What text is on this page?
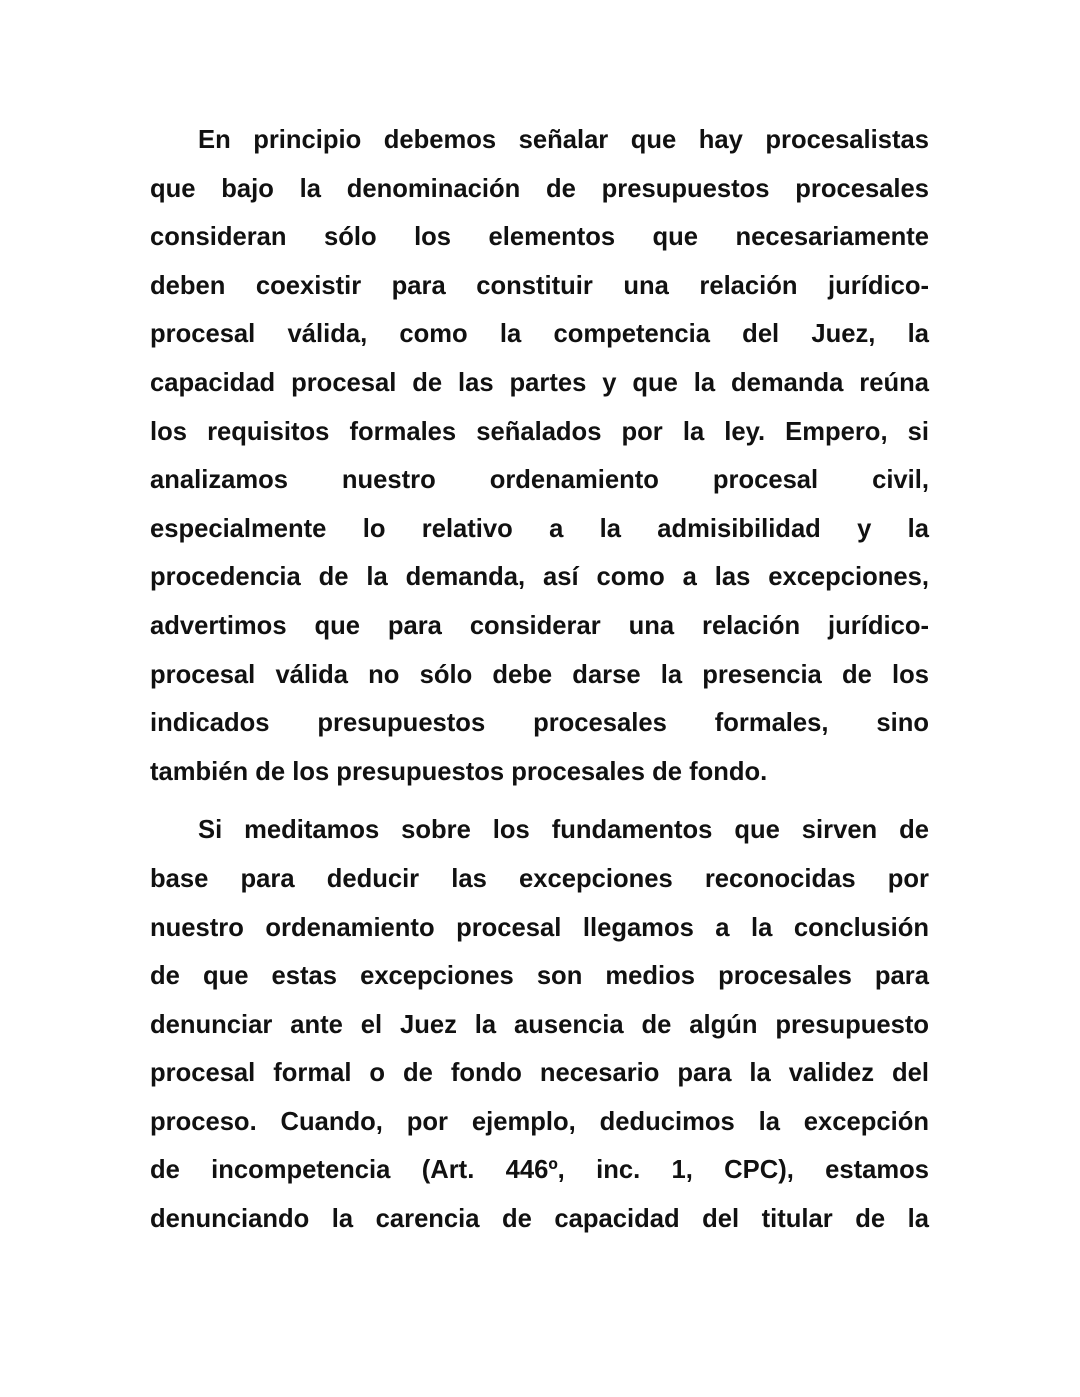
En principio debemos señalar que hay procesalistas
que bajo la denominación de presupuestos procesales
consideran sólo los elementos que necesariamente
deben coexistir para constituir una relación jurídico-
procesal válida, como la competencia del Juez, la
capacidad procesal de las partes y que la demanda reúna
los requisitos formales señalados por la ley. Empero, si
analizamos nuestro ordenamiento procesal civil,
especialmente lo relativo a la admisibilidad y la
procedencia de la demanda, así como a las excepciones,
advertimos que para considerar una relación jurídico-
procesal válida no sólo debe darse la presencia de los
indicados presupuestos procesales formales, sino
también de los presupuestos procesales de fondo.
Si meditamos sobre los fundamentos que sirven de
base para deducir las excepciones reconocidas por
nuestro ordenamiento procesal llegamos a la conclusión
de que estas excepciones son medios procesales para
denunciar ante el Juez la ausencia de algún presupuesto
procesal formal o de fondo necesario para la validez del
proceso. Cuando, por ejemplo, deducimos la excepción
de incompetencia (Art. 446º, inc. 1, CPC), estamos
denunciando la carencia de capacidad del titular de la
